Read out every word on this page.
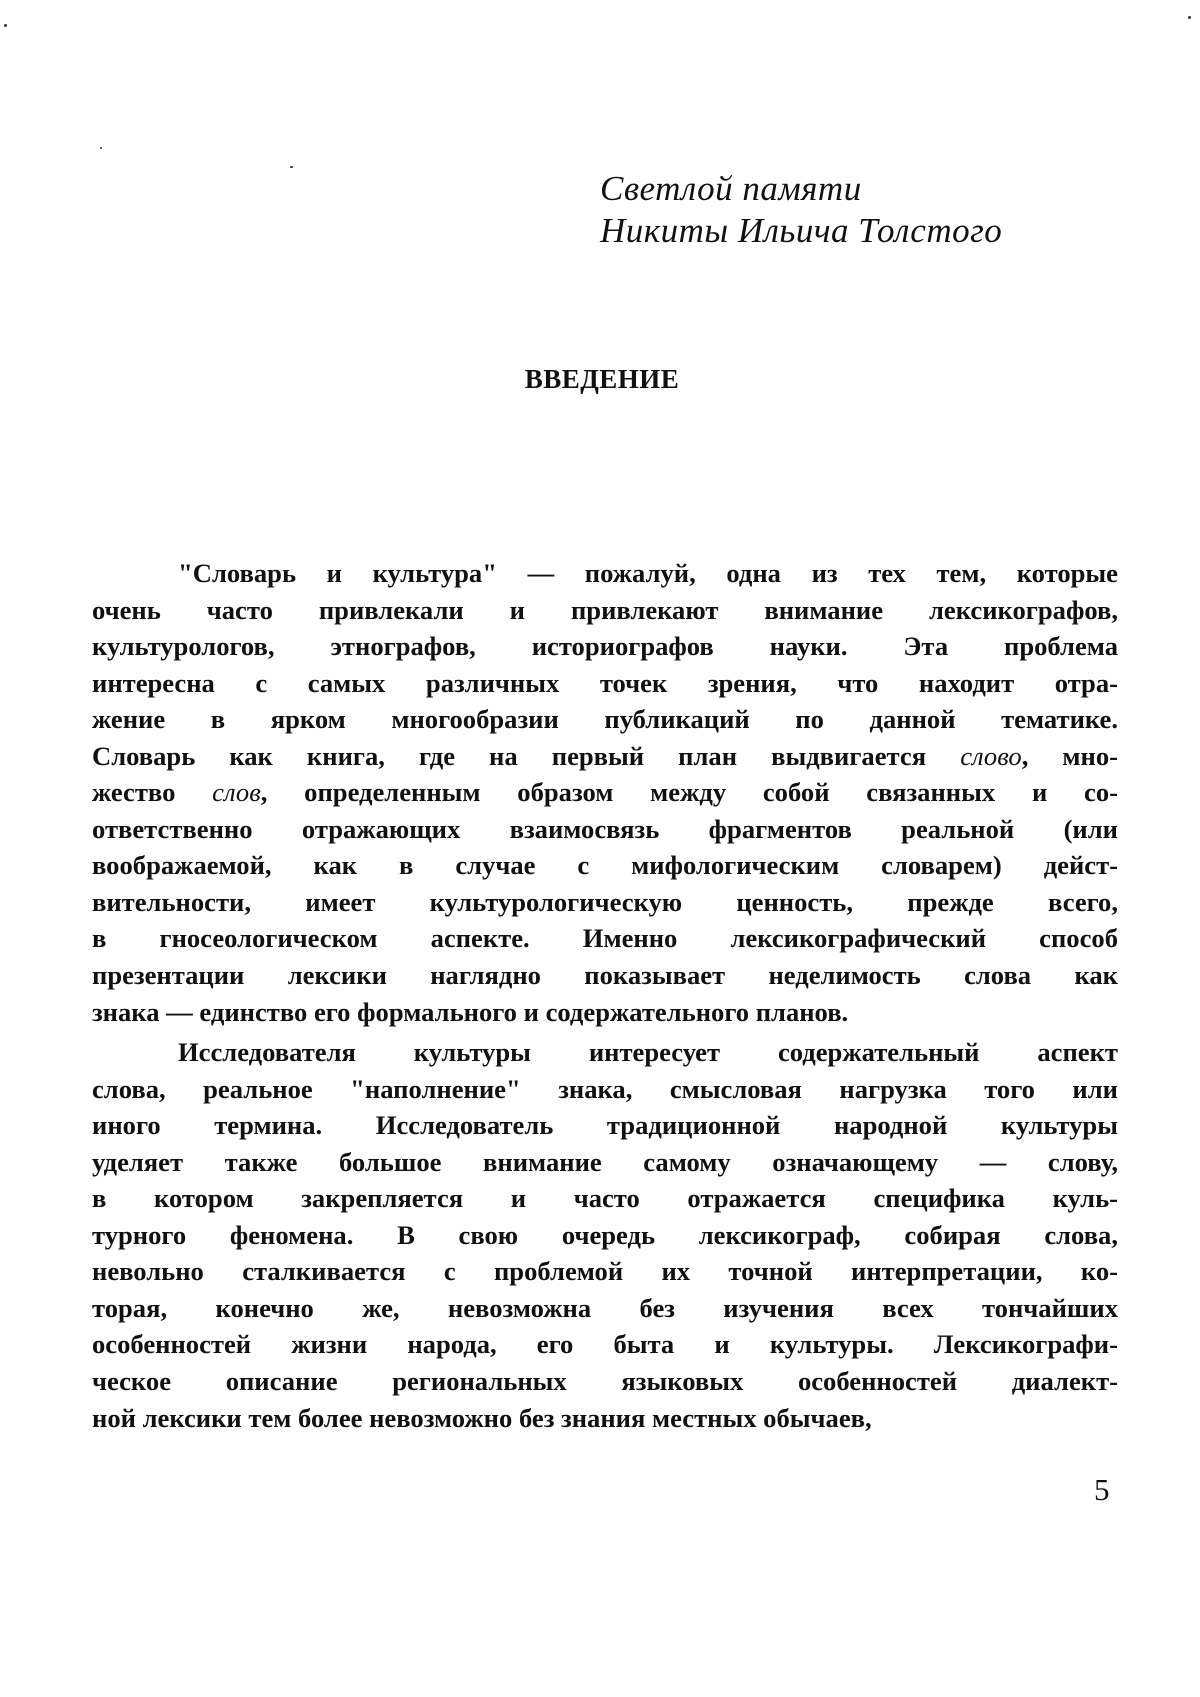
Светлой памяти
Никиты Ильича Толстого
ВВЕДЕНИЕ
"Словарь и культура" — пожалуй, одна из тех тем, которые
очень часто привлекали и привлекают внимание лексикографов,
культурологов, этнографов, историографов науки. Эта проблема
интересна с самых различных точек зрения, что находит отра-
жение в ярком многообразии публикаций по данной тематике.
Словарь как книга, где на первый план выдвигается слово, мно-
жество слов, определенным образом между собой связанных и со-
ответственно отражающих взаимосвязь фрагментов реальной (или
воображаемой, как в случае с мифологическим словарем) дейст-
вительности, имеет культурологическую ценность, прежде всего,
в гносеологическом аспекте. Именно лексикографический способ
презентации лексики наглядно показывает неделимость слова как
знака — единство его формального и содержательного планов.
Исследователя культуры интересует содержательный аспект
слова, реальное "наполнение" знака, смысловая нагрузка того или
иного термина. Исследователь традиционной народной культуры
уделяет также большое внимание самому означающему — слову,
в котором закрепляется и часто отражается специфика куль-
турного феномена. В свою очередь лексикограф, собирая слова,
невольно сталкивается с проблемой их точной интерпретации, ко-
торая, конечно же, невозможна без изучения всех тончайших
особенностей жизни народа, его быта и культуры. Лексикографи-
ческое описание региональных языковых особенностей диалект-
ной лексики тем более невозможно без знания местных обычаев,
5
